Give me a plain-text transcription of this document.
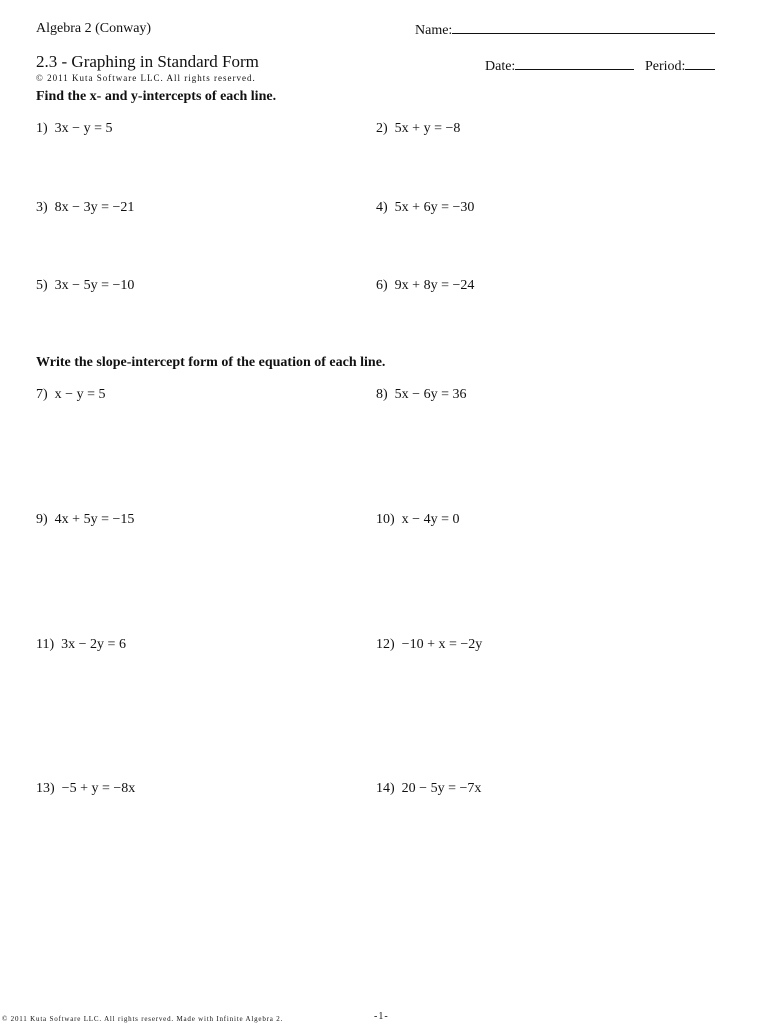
Algebra 2 (Conway)	Name:
2.3 - Graphing in Standard Form	Date:	Period:
© 2011 Kuta Software LLC. All rights reserved.
Find the x- and y-intercepts of each line.
1) 3x − y = 5	2) 5x + y = −8
3) 8x − 3y = −21	4) 5x + 6y = −30
5) 3x − 5y = −10	6) 9x + 8y = −24
Write the slope-intercept form of the equation of each line.
7) x − y = 5	8) 5x − 6y = 36
9) 4x + 5y = −15	10) x − 4y = 0
11) 3x − 2y = 6	12) −10 + x = −2y
13) −5 + y = −8x	14) 20 − 5y = −7x
© 2011 Kuta Software LLC. All rights reserved. Made with Infinite Algebra 2.	-1-
